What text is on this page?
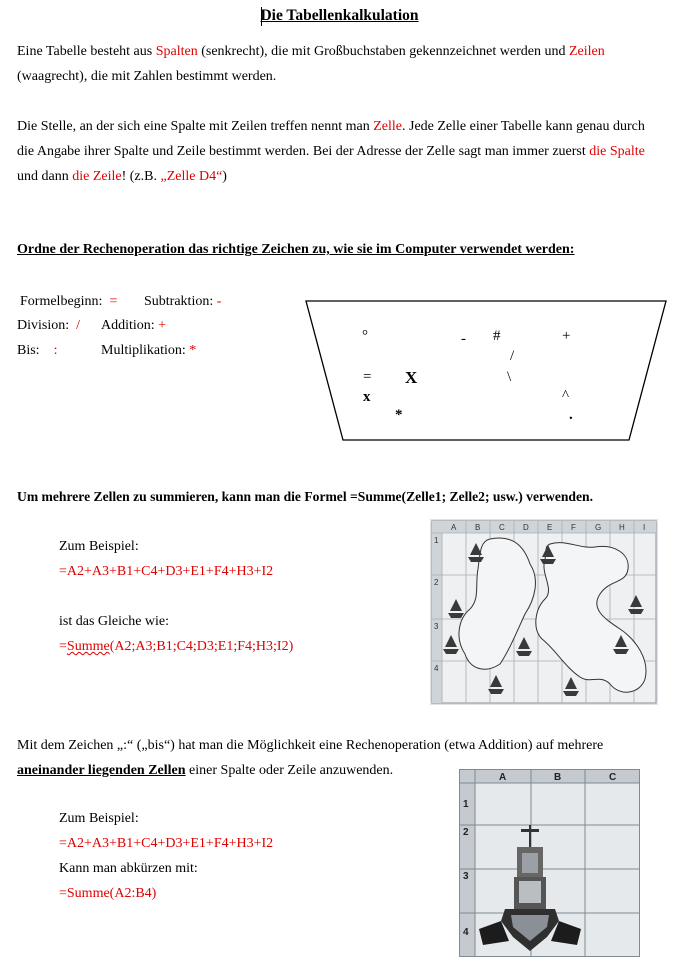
Die Tabellenkalkulation
Eine Tabelle besteht aus Spalten (senkrecht), die mit Großbuchstaben gekennzeichnet werden und Zeilen
(waagrecht), die mit Zahlen bestimmt werden.
Die Stelle, an der sich eine Spalte mit Zeilen treffen nennt man Zelle. Jede Zelle einer Tabelle kann genau durch
die Angabe ihrer Spalte und Zeile bestimmt werden. Bei der Adresse der Zelle sagt man immer zuerst die Spalte
und dann die Zeile! (z.B. „Zelle D4“)
Ordne der Rechenoperation das richtige Zeichen zu, wie sie im Computer verwendet werden:
Formelbeginn: = Subtraktion: -
Division: / Addition: +
Bis: :	Multiplikation: *
°	- #	+
/
= X	\
x	^
*	.
Um mehrere Zellen zu summieren, kann man die Formel =Summe(Zelle1; Zelle2; usw.) verwenden.
Zum Beispiel:
=A2+A3+B1+C4+D3+E1+F4+H3+I2
ist das Gleiche wie:
=Summe(A2;A3;B1;C4;D3;E1;F4;H3;I2)
A B C D E F G H I
1
2
3
4
Mit dem Zeichen „:“ („bis“) hat man die Möglichkeit eine Rechenoperation (etwa Addition) auf mehrere
aneinander liegenden Zellen einer Spalte oder Zeile anzuwenden.
Zum Beispiel:
=A2+A3+B1+C4+D3+E1+F4+H3+I2
Kann man abkürzen mit:
=Summe(A2:B4)
A	B	C
1
2
3
4
